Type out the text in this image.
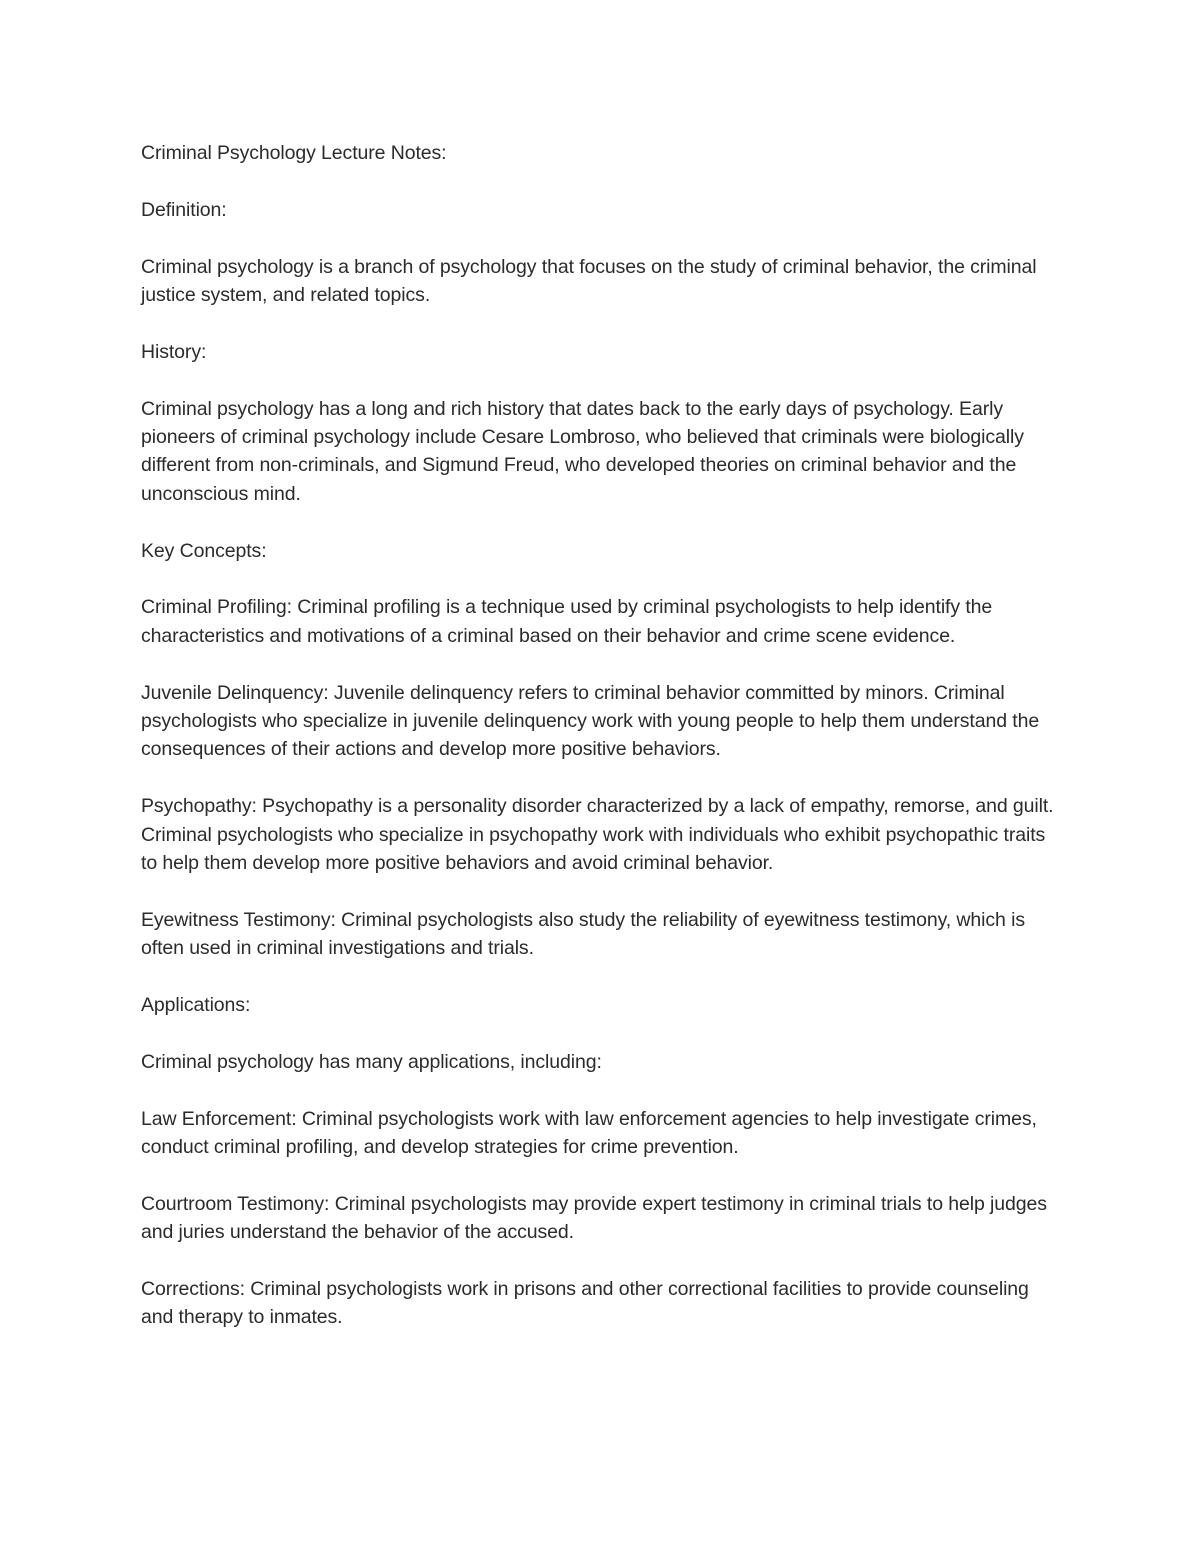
Criminal Psychology Lecture Notes:

Definition:

Criminal psychology is a branch of psychology that focuses on the study of criminal behavior, the criminal justice system, and related topics.

History:

Criminal psychology has a long and rich history that dates back to the early days of psychology. Early pioneers of criminal psychology include Cesare Lombroso, who believed that criminals were biologically different from non-criminals, and Sigmund Freud, who developed theories on criminal behavior and the unconscious mind.

Key Concepts:

Criminal Profiling: Criminal profiling is a technique used by criminal psychologists to help identify the characteristics and motivations of a criminal based on their behavior and crime scene evidence.

Juvenile Delinquency: Juvenile delinquency refers to criminal behavior committed by minors. Criminal psychologists who specialize in juvenile delinquency work with young people to help them understand the consequences of their actions and develop more positive behaviors.

Psychopathy: Psychopathy is a personality disorder characterized by a lack of empathy, remorse, and guilt. Criminal psychologists who specialize in psychopathy work with individuals who exhibit psychopathic traits to help them develop more positive behaviors and avoid criminal behavior.

Eyewitness Testimony: Criminal psychologists also study the reliability of eyewitness testimony, which is often used in criminal investigations and trials.

Applications:

Criminal psychology has many applications, including:

Law Enforcement: Criminal psychologists work with law enforcement agencies to help investigate crimes, conduct criminal profiling, and develop strategies for crime prevention.

Courtroom Testimony: Criminal psychologists may provide expert testimony in criminal trials to help judges and juries understand the behavior of the accused.

Corrections: Criminal psychologists work in prisons and other correctional facilities to provide counseling and therapy to inmates.
